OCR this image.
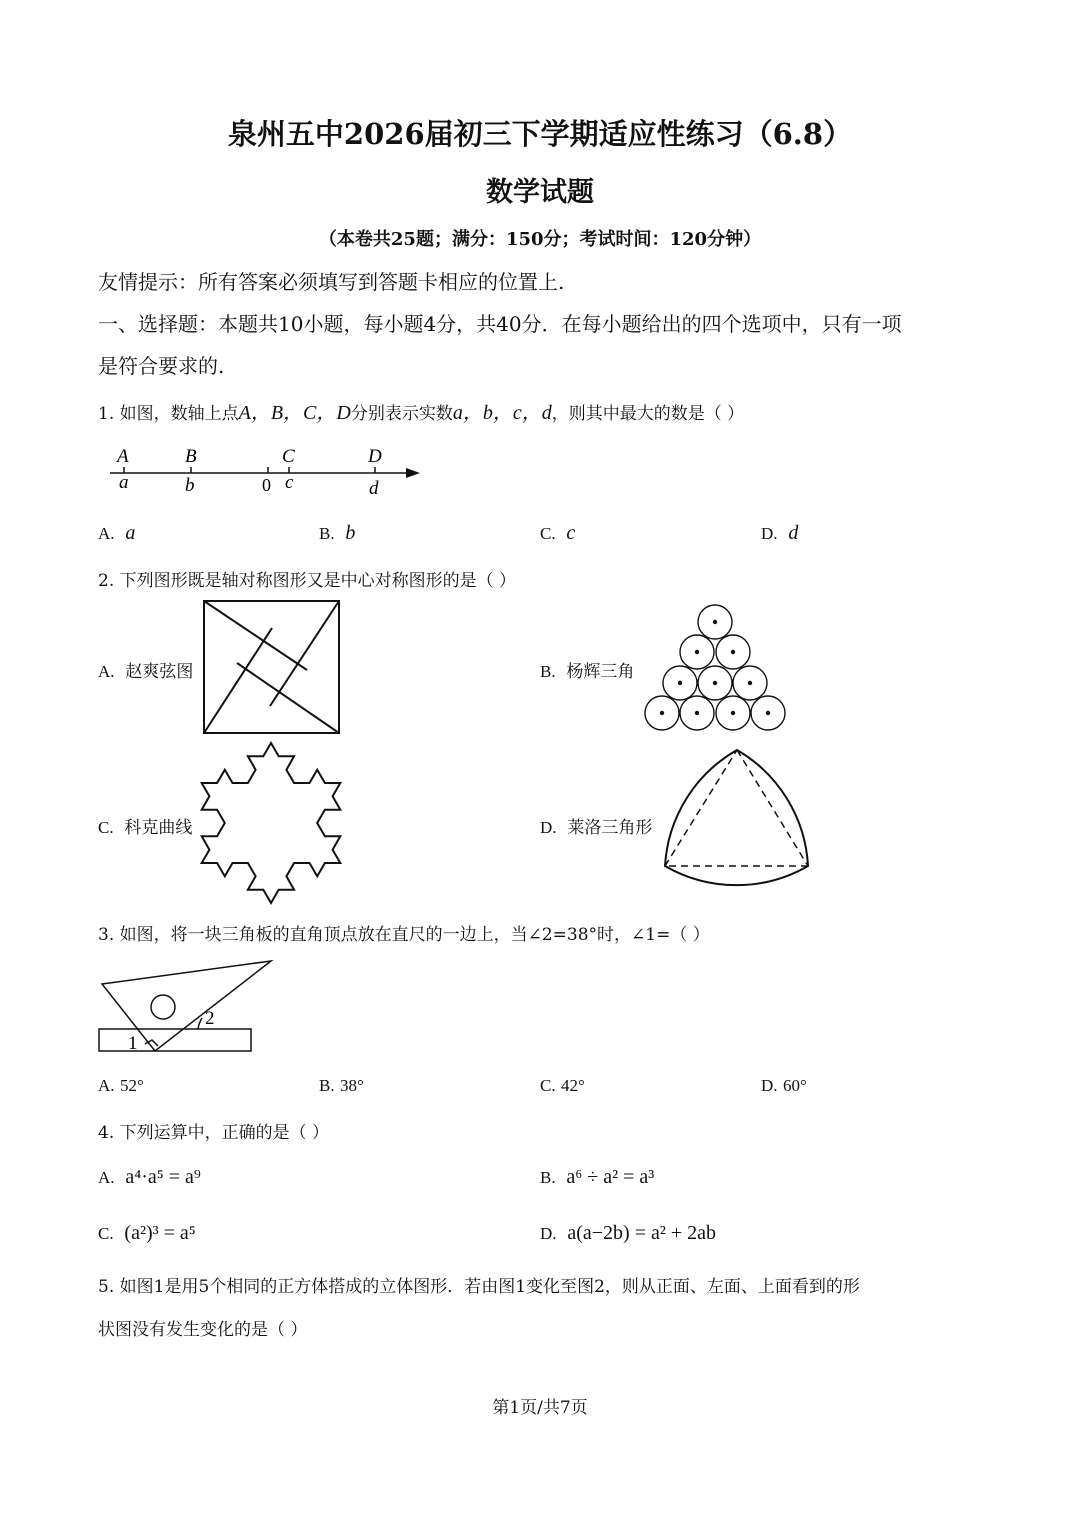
泉州五中2026届初三下学期适应性练习（6.8）
数学试题
（本卷共25题；满分：150分；考试时间：120分钟）
友情提示：所有答案必须填写到答题卡相应的位置上.
一、选择题：本题共10小题，每小题4分，共40分．在每小题给出的四个选项中，只有一项
是符合要求的.
1. 如图，数轴上点A，B，C，D分别表示实数a，b，c，d，则其中最大的数是（ ）
A	B	C	D
a	b	0 c	d
A. a	B. b	C. c	D. d
2. 下列图形既是轴对称图形又是中心对称图形的是（ ）
A. 赵爽弦图	B. 杨辉三角
C. 科克曲线	D. 莱洛三角形
3. 如图，将一块三角板的直角顶点放在直尺的一边上，当∠2=38°时，∠1=（ ）
1
2
A. 52°	B. 38°	C. 42°	D. 60°
4. 下列运算中，正确的是（ ）
A. a⁴·a⁵ = a⁹	B. a⁶ ÷ a² = a³
C. (a²)³ = a⁵	D. a(a−2b) = a² + 2ab
5. 如图1是用5个相同的正方体搭成的立体图形．若由图1变化至图2，则从正面、左面、上面看到的形
状图没有发生变化的是（ ）
第1页/共7页
